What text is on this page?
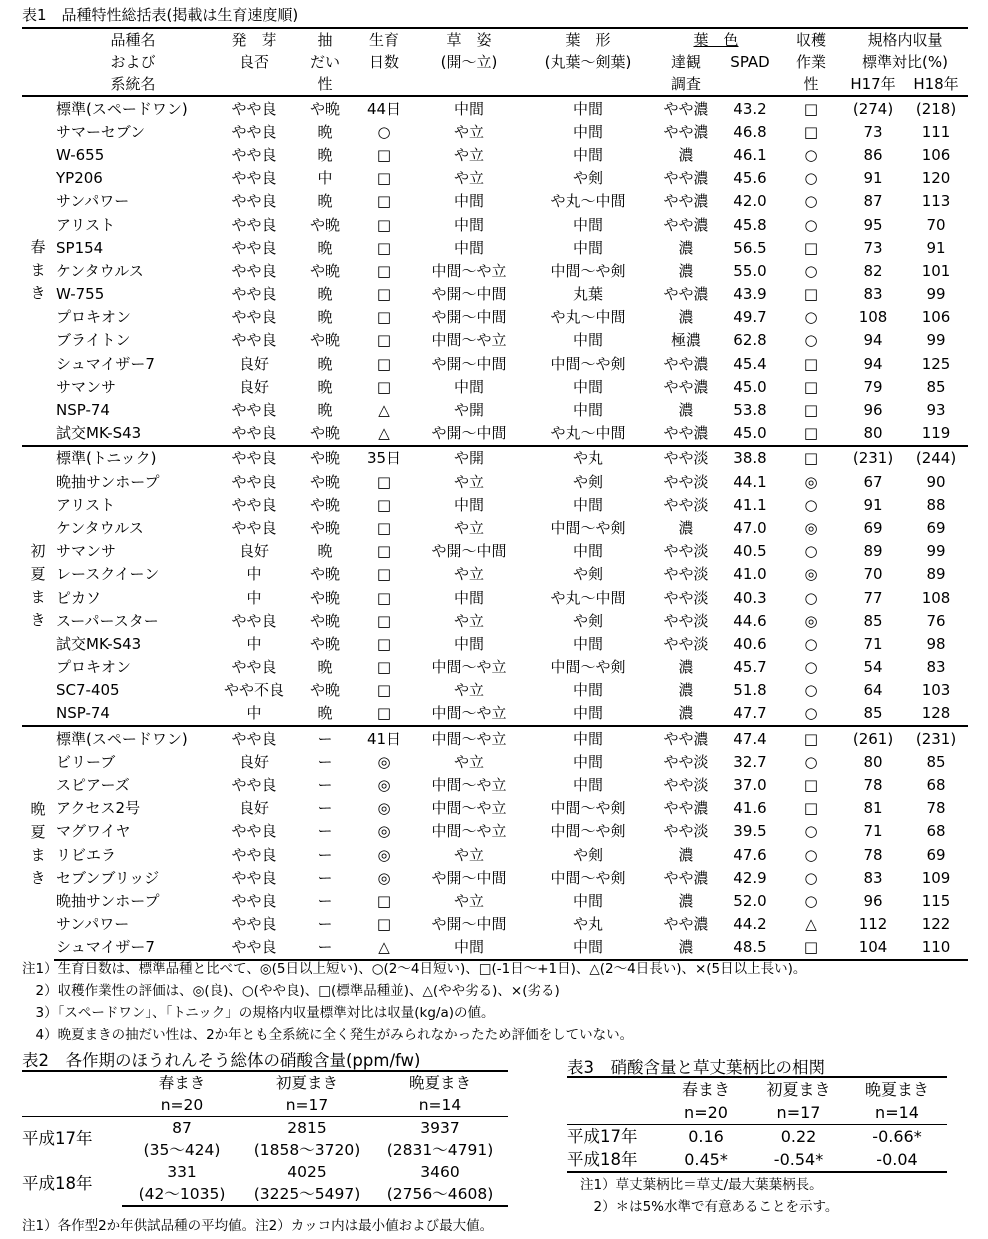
表1　品種特性総括表(掲載は生育速度順)
	品種名	発　芽	抽	生育	草　姿	葉　形	葉　色		収穫	規格内収量	
	および	良否	だい	日数	(開～立)	(丸葉～剣葉)	達観	SPAD	作業	標準対比(%)	
	系統名		性				調査		性	H17年	H18年
春
ま
き	標準(スペードワン)	やや良	や晩	44日	中間	中間	やや濃	43.2	□	(274)	(218)
	サマーセブン	やや良	晩	○	や立	中間	やや濃	46.8	□	73	111
	W-655	やや良	晩	□	や立	中間	濃	46.1	○	86	106
	YP206	やや良	中	□	や立	や剣	やや濃	45.6	○	91	120
	サンパワー	やや良	晩	□	中間	や丸～中間	やや濃	42.0	○	87	113
	アリスト	やや良	や晩	□	中間	中間	やや濃	45.8	○	95	70
	SP154	やや良	晩	□	中間	中間	濃	56.5	□	73	91
	ケンタウルス	やや良	や晩	□	中間～や立	中間～や剣	濃	55.0	○	82	101
	W-755	やや良	晩	□	や開～中間	丸葉	やや濃	43.9	□	83	99
	プロキオン	やや良	晩	□	や開～中間	や丸～中間	濃	49.7	○	108	106
	ブライトン	やや良	や晩	□	中間～や立	中間	極濃	62.8	○	94	99
	シュマイザー7	良好	晩	□	や開～中間	中間～や剣	やや濃	45.4	□	94	125
	サマンサ	良好	晩	□	中間	中間	やや濃	45.0	□	79	85
	NSP-74	やや良	晩	△	や開	中間	濃	53.8	□	96	93
	試交MK-S43	やや良	や晩	△	や開～中間	や丸～中間	やや濃	45.0	□	80	119
初
夏
ま
き	標準(トニック)	やや良	や晩	35日	や開	や丸	やや淡	38.8	□	(231)	(244)
	晩抽サンホープ	やや良	や晩	□	や立	や剣	やや淡	44.1	◎	67	90
	アリスト	やや良	や晩	□	中間	中間	やや淡	41.1	○	91	88
	ケンタウルス	やや良	や晩	□	や立	中間～や剣	濃	47.0	◎	69	69
	サマンサ	良好	晩	□	や開～中間	中間	やや淡	40.5	○	89	99
	レースクイーン	中	や晩	□	や立	や剣	やや淡	41.0	◎	70	89
	ピカソ	中	や晩	□	中間	や丸～中間	やや淡	40.3	○	77	108
	スーパースター	やや良	や晩	□	や立	や剣	やや淡	44.6	◎	85	76
	試交MK-S43	中	や晩	□	中間	中間	やや淡	40.6	○	71	98
	プロキオン	やや良	晩	□	中間～や立	中間～や剣	濃	45.7	○	54	83
	SC7-405	やや不良	や晩	□	や立	中間	濃	51.8	○	64	103
	NSP-74	中	晩	□	中間～や立	中間	濃	47.7	○	85	128
晩
夏
ま
き	標準(スペードワン)	やや良	ー	41日	中間～や立	中間	やや濃	47.4	□	(261)	(231)
	ビリーブ	良好	ー	◎	や立	中間	やや淡	32.7	○	80	85
	スピアーズ	やや良	ー	◎	中間～や立	中間	やや淡	37.0	□	78	68
	アクセス2号	良好	ー	◎	中間～や立	中間～や剣	やや濃	41.6	□	81	78
	マグワイヤ	やや良	ー	◎	中間～や立	中間～や剣	やや淡	39.5	○	71	68
	リビエラ	やや良	ー	◎	や立	や剣	濃	47.6	○	78	69
	セブンブリッジ	やや良	ー	◎	や開～中間	中間～や剣	やや濃	42.9	○	83	109
	晩抽サンホープ	やや良	ー	□	や立	中間	濃	52.0	○	96	115
	サンパワー	やや良	ー	□	や開～中間	や丸	やや濃	44.2	△	112	122
	シュマイザー7	やや良	ー	△	中間	中間	濃	48.5	□	104	110
注1）生育日数は、標準品種と比べて、◎(5日以上短い)、○(2～4日短い)、□(-1日～+1日)、△(2～4日長い)、×(5日以上長い)。
　2）収穫作業性の評価は、◎(良)、○(やや良)、□(標準品種並)、△(やや劣る)、×(劣る)
　3）「スペードワン」、「トニック」の規格内収量標準対比は収量(kg/a)の値。
　4）晩夏まきの抽だい性は、2か年とも全系統に全く発生がみられなかったため評価をしていない。
表2　各作期のほうれんそう総体の硝酸含量(ppm/fw)
	春まき	初夏まき	晩夏まき
	n=20	n=17	n=14
平成17年	87	2815	3937
	(35～424)	(1858～3720)	(2831～4791)
平成18年	331	4025	3460
	(42～1035)	(3225～5497)	(2756～4608)
注1）各作型2か年供試品種の平均値。注2）カッコ内は最小値および最大値。
表3　硝酸含量と草丈葉柄比の相関
	春まき	初夏まき	晩夏まき
	n=20	n=17	n=14
平成17年	0.16	0.22	-0.66*
平成18年	0.45*	-0.54*	-0.04
注1）草丈葉柄比＝草丈/最大葉葉柄長。
　2）＊は5%水準で有意あることを示す。
